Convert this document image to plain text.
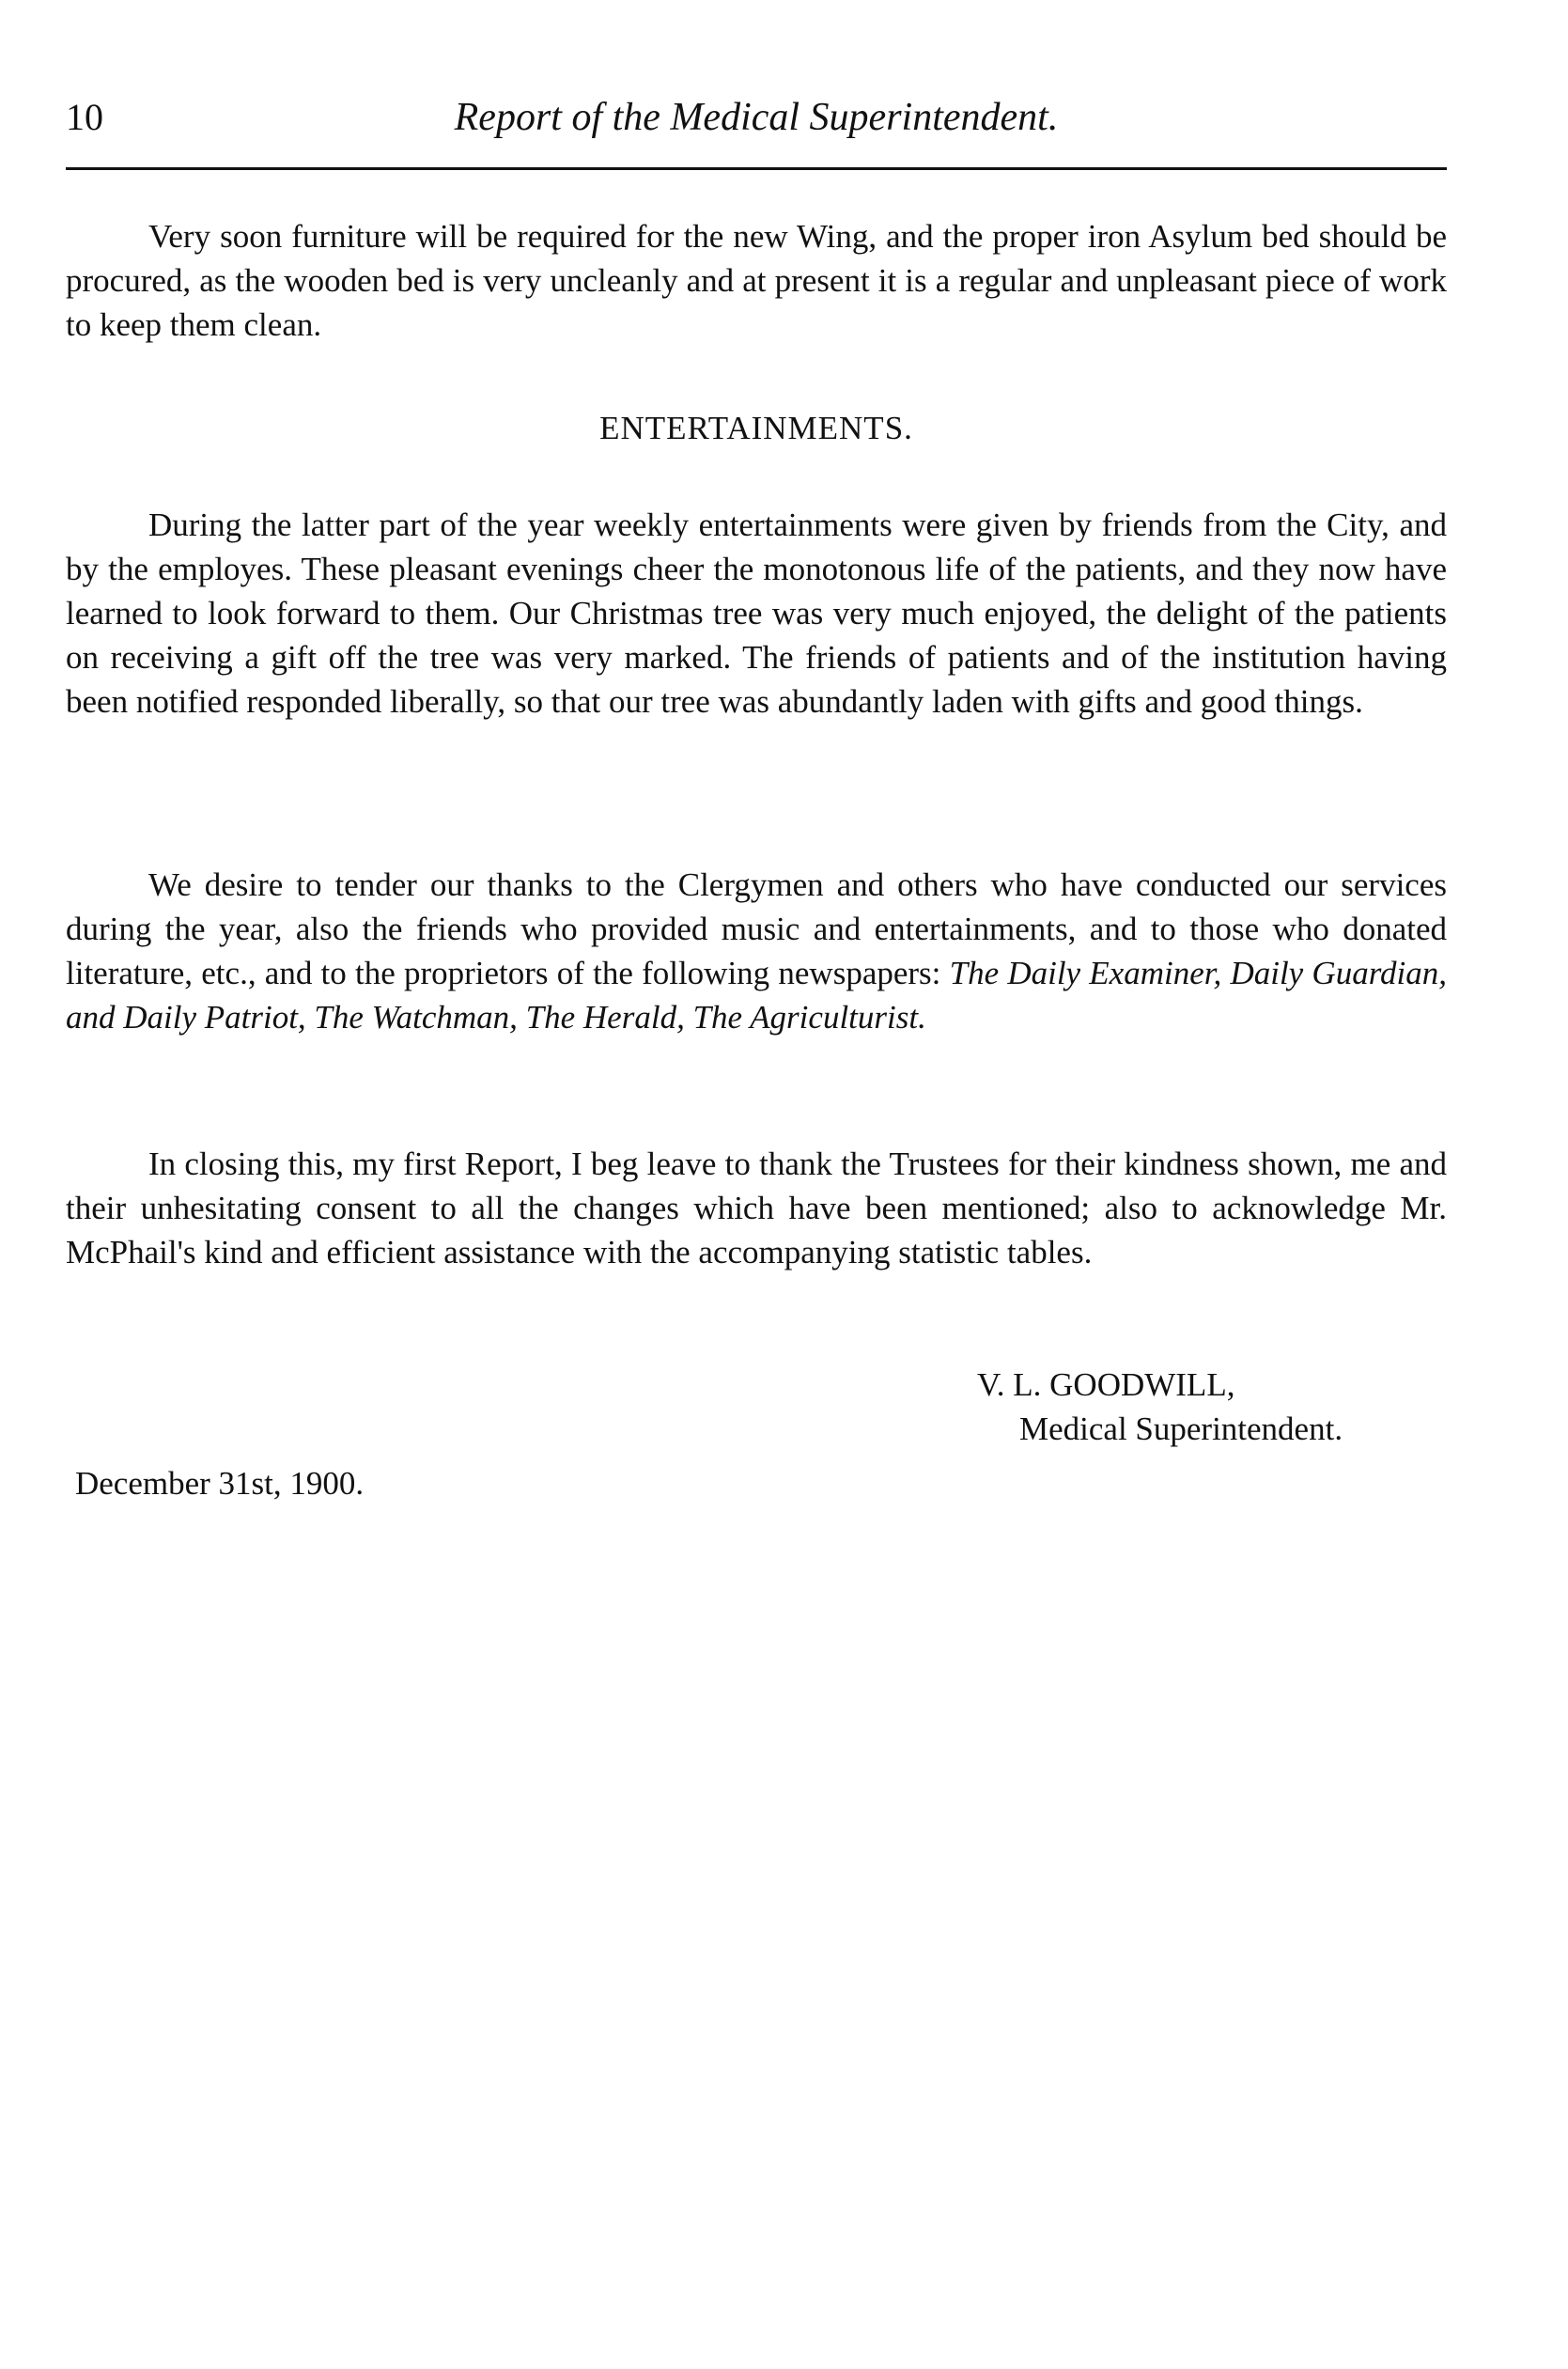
10	Report of the Medical Superintendent.

Very soon furniture will be required for the new Wing, and the proper iron Asylum bed should be procured, as the wooden bed is very uncleanly and at present it is a regular and unpleasant piece of work to keep them clean.

ENTERTAINMENTS.

During the latter part of the year weekly entertainments were given by friends from the City, and by the employes. These pleasant evenings cheer the monotonous life of the patients, and they now have learned to look forward to them. Our Christmas tree was very much enjoyed, the delight of the patients on receiving a gift off the tree was very marked. The friends of patients and of the institution having been notified responded liberally, so that our tree was abundantly laden with gifts and good things.

We desire to tender our thanks to the Clergymen and others who have conducted our services during the year, also the friends who provided music and entertainments, and to those who donated literature, etc., and to the proprietors of the following newspapers: The Daily Examiner, Daily Guardian, and Daily Patriot, The Watchman, The Herald, The Agriculturist.

In closing this, my first Report, I beg leave to thank the Trustees for their kindness shown, me and their unhesitating consent to all the changes which have been mentioned; also to acknowledge Mr. McPhail's kind and efficient assistance with the accompanying statistic tables.

V. L. GOODWILL,
Medical Superintendent.
December 31st, 1900.
